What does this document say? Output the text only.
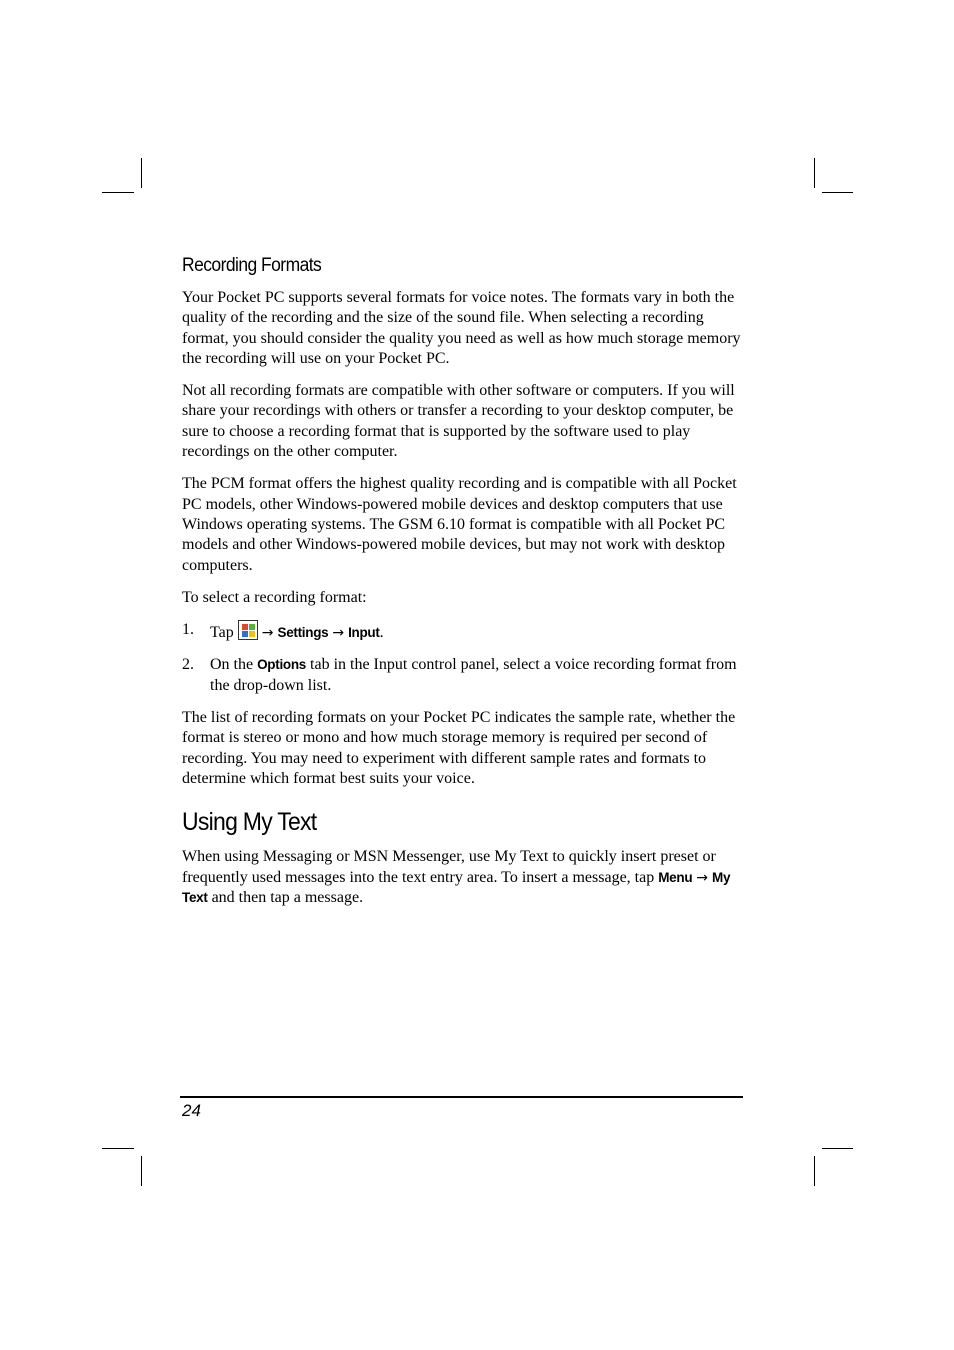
Recording Formats

Your Pocket PC supports several formats for voice notes. The formats vary in both the quality of the recording and the size of the sound file. When selecting a recording format, you should consider the quality you need as well as how much storage memory the recording will use on your Pocket PC.

Not all recording formats are compatible with other software or computers. If you will share your recordings with others or transfer a recording to your desktop computer, be sure to choose a recording format that is supported by the software used to play recordings on the other computer.

The PCM format offers the highest quality recording and is compatible with all Pocket PC models, other Windows-powered mobile devices and desktop computers that use Windows operating systems. The GSM 6.10 format is compatible with all Pocket PC models and other Windows-powered mobile devices, but may not work with desktop computers.

To select a recording format:

1. Tap → Settings → Input.
2. On the Options tab in the Input control panel, select a voice recording format from the drop-down list.

The list of recording formats on your Pocket PC indicates the sample rate, whether the format is stereo or mono and how much storage memory is required per second of recording. You may need to experiment with different sample rates and formats to determine which format best suits your voice.

Using My Text

When using Messaging or MSN Messenger, use My Text to quickly insert preset or frequently used messages into the text entry area. To insert a message, tap Menu → My Text and then tap a message.

24
